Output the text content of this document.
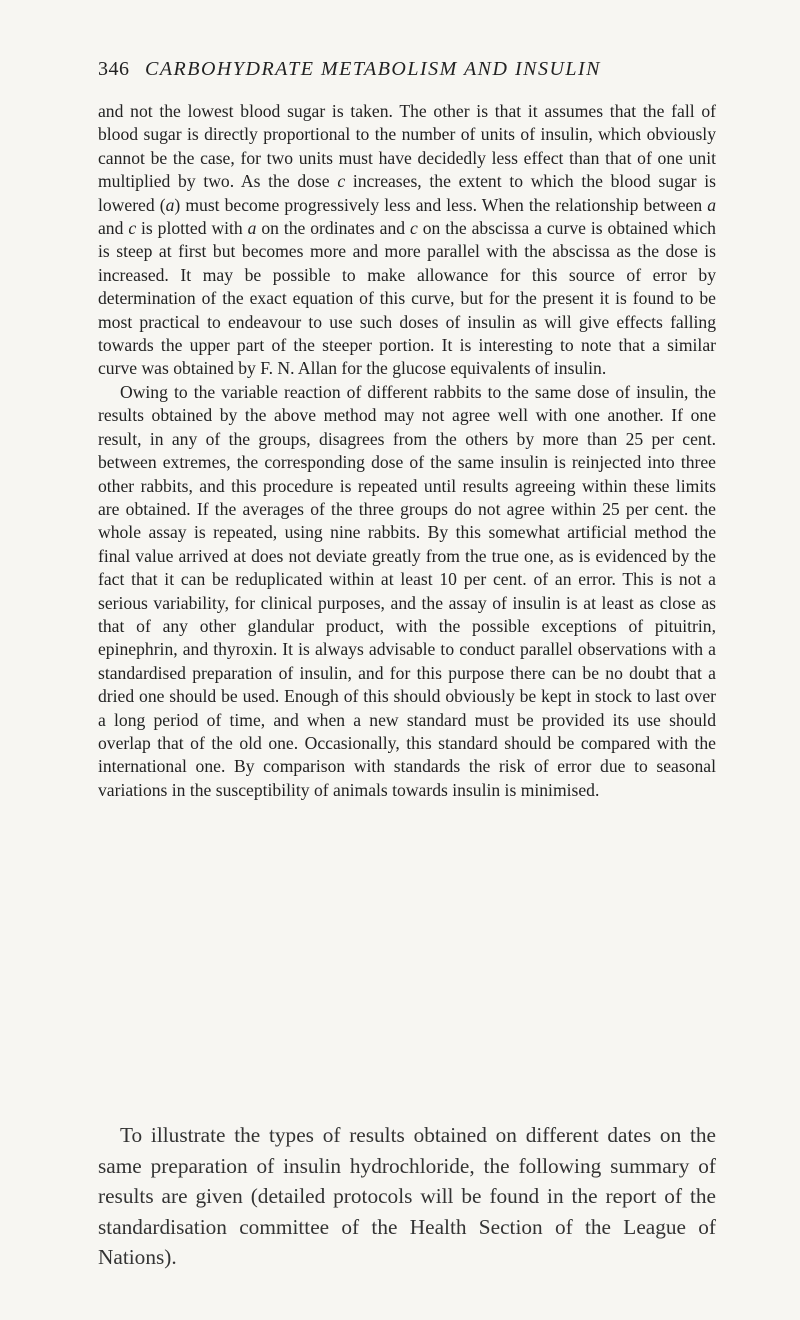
346 CARBOHYDRATE METABOLISM AND INSULIN

and not the lowest blood sugar is taken. The other is that it assumes that the fall of blood sugar is directly proportional to the number of units of insulin, which obviously cannot be the case, for two units must have decidedly less effect than that of one unit multiplied by two. As the dose c increases, the extent to which the blood sugar is lowered (a) must become progressively less and less. When the relationship between a and c is plotted with a on the ordinates and c on the abscissa a curve is obtained which is steep at first but becomes more and more parallel with the abscissa as the dose is increased. It may be possible to make allowance for this source of error by determination of the exact equation of this curve, but for the present it is found to be most practical to endeavour to use such doses of insulin as will give effects falling towards the upper part of the steeper portion. It is interesting to note that a similar curve was obtained by F. N. Allan for the glucose equivalents of insulin.

Owing to the variable reaction of different rabbits to the same dose of insulin, the results obtained by the above method may not agree well with one another. If one result, in any of the groups, disagrees from the others by more than 25 per cent. between extremes, the corresponding dose of the same insulin is reinjected into three other rabbits, and this procedure is repeated until results agreeing within these limits are obtained. If the averages of the three groups do not agree within 25 per cent. the whole assay is repeated, using nine rabbits. By this somewhat artificial method the final value arrived at does not deviate greatly from the true one, as is evidenced by the fact that it can be reduplicated within at least 10 per cent. of an error. This is not a serious variability, for clinical purposes, and the assay of insulin is at least as close as that of any other glandular product, with the possible exceptions of pituitrin, epinephrin, and thyroxin. It is always advisable to conduct parallel observations with a standardised preparation of insulin, and for this purpose there can be no doubt that a dried one should be used. Enough of this should obviously be kept in stock to last over a long period of time, and when a new standard must be provided its use should overlap that of the old one. Occasionally, this standard should be compared with the international one. By comparison with standards the risk of error due to seasonal variations in the susceptibility of animals towards insulin is minimised.

To illustrate the types of results obtained on different dates on the same preparation of insulin hydrochloride, the following summary of results are given (detailed protocols will be found in the report of the standardisation committee of the Health Section of the League of Nations).
